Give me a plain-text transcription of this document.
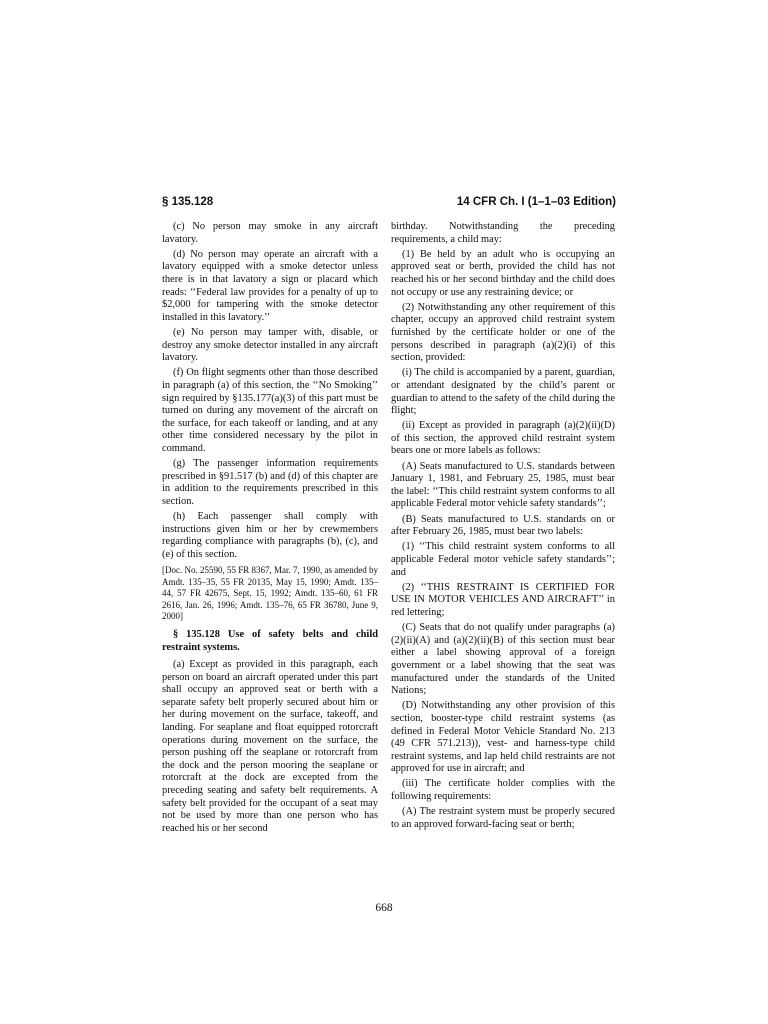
§ 135.128	14 CFR Ch. I (1–1–03 Edition)

(c) No person may smoke in any aircraft lavatory.

(d) No person may operate an aircraft with a lavatory equipped with a smoke detector unless there is in that lavatory a sign or placard which reads: ‘‘Federal law provides for a penalty of up to $2,000 for tampering with the smoke detector installed in this lavatory.’’

(e) No person may tamper with, disable, or destroy any smoke detector installed in any aircraft lavatory.

(f) On flight segments other than those described in paragraph (a) of this section, the ‘‘No Smoking’’ sign required by §135.177(a)(3) of this part must be turned on during any movement of the aircraft on the surface, for each takeoff or landing, and at any other time considered necessary by the pilot in command.

(g) The passenger information requirements prescribed in §91.517 (b) and (d) of this chapter are in addition to the requirements prescribed in this section.

(h) Each passenger shall comply with instructions given him or her by crewmembers regarding compliance with paragraphs (b), (c), and (e) of this section.

[Doc. No. 25590, 55 FR 8367, Mar. 7, 1990, as amended by Amdt. 135–35, 55 FR 20135, May 15, 1990; Amdt. 135–44, 57 FR 42675, Sept. 15, 1992; Amdt. 135–60, 61 FR 2616, Jan. 26, 1996; Amdt. 135–76, 65 FR 36780, June 9, 2000]

§ 135.128 Use of safety belts and child restraint systems.

(a) Except as provided in this paragraph, each person on board an aircraft operated under this part shall occupy an approved seat or berth with a separate safety belt properly secured about him or her during movement on the surface, takeoff, and landing. For seaplane and float equipped rotorcraft operations during movement on the surface, the person pushing off the seaplane or rotorcraft from the dock and the person mooring the seaplane or rotorcraft at the dock are excepted from the preceding seating and safety belt requirements. A safety belt provided for the occupant of a seat may not be used by more than one person who has reached his or her second

birthday. Notwithstanding the preceding requirements, a child may:

(1) Be held by an adult who is occupying an approved seat or berth, provided the child has not reached his or her second birthday and the child does not occupy or use any restraining device; or

(2) Notwithstanding any other requirement of this chapter, occupy an approved child restraint system furnished by the certificate holder or one of the persons described in paragraph (a)(2)(i) of this section, provided:

(i) The child is accompanied by a parent, guardian, or attendant designated by the child’s parent or guardian to attend to the safety of the child during the flight;

(ii) Except as provided in paragraph (a)(2)(ii)(D) of this section, the approved child restraint system bears one or more labels as follows:

(A) Seats manufactured to U.S. standards between January 1, 1981, and February 25, 1985, must bear the label: ‘‘This child restraint system conforms to all applicable Federal motor vehicle safety standards’’;

(B) Seats manufactured to U.S. standards on or after February 26, 1985, must bear two labels:

(1) ‘‘This child restraint system conforms to all applicable Federal motor vehicle safety standards’’; and

(2) ‘‘THIS RESTRAINT IS CERTIFIED FOR USE IN MOTOR VEHICLES AND AIRCRAFT’’ in red lettering;

(C) Seats that do not qualify under paragraphs (a)(2)(ii)(A) and (a)(2)(ii)(B) of this section must bear either a label showing approval of a foreign government or a label showing that the seat was manufactured under the standards of the United Nations;

(D) Notwithstanding any other provision of this section, booster-type child restraint systems (as defined in Federal Motor Vehicle Standard No. 213 (49 CFR 571.213)), vest- and harness-type child restraint systems, and lap held child restraints are not approved for use in aircraft; and

(iii) The certificate holder complies with the following requirements:

(A) The restraint system must be properly secured to an approved forward-facing seat or berth;

668
